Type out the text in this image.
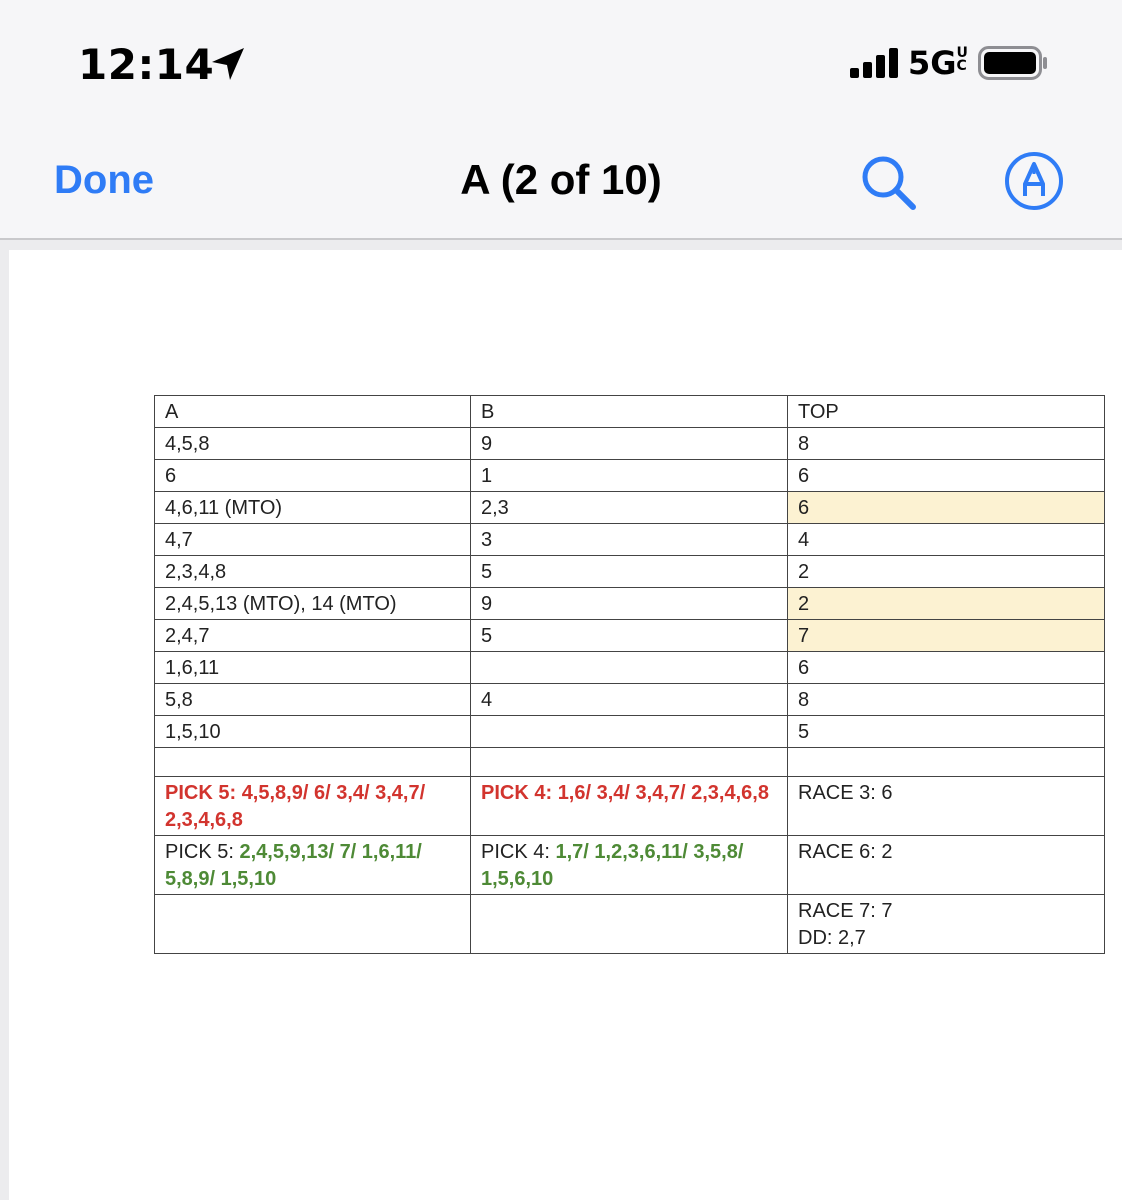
12:14	5GUC
Done	A (2 of 10)
A	B	TOP
4,5,8	9	8
6	1	6
4,6,11 (MTO)	2,3	6
4,7	3	4
2,3,4,8	5	2
2,4,5,13 (MTO), 14 (MTO)	9	2
2,4,7	5	7
1,6,11		6
5,8	4	8
1,5,10		5

PICK 5: 4,5,8,9/ 6/ 3,4/ 3,4,7/ 2,3,4,6,8	PICK 4: 1,6/ 3,4/ 3,4,7/ 2,3,4,6,8	RACE 3: 6
PICK 5: 2,4,5,9,13/ 7/ 1,6,11/ 5,8,9/ 1,5,10	PICK 4: 1,7/ 1,2,3,6,11/ 3,5,8/ 1,5,6,10	RACE 6: 2

		RACE 7: 7
DD: 2,7
